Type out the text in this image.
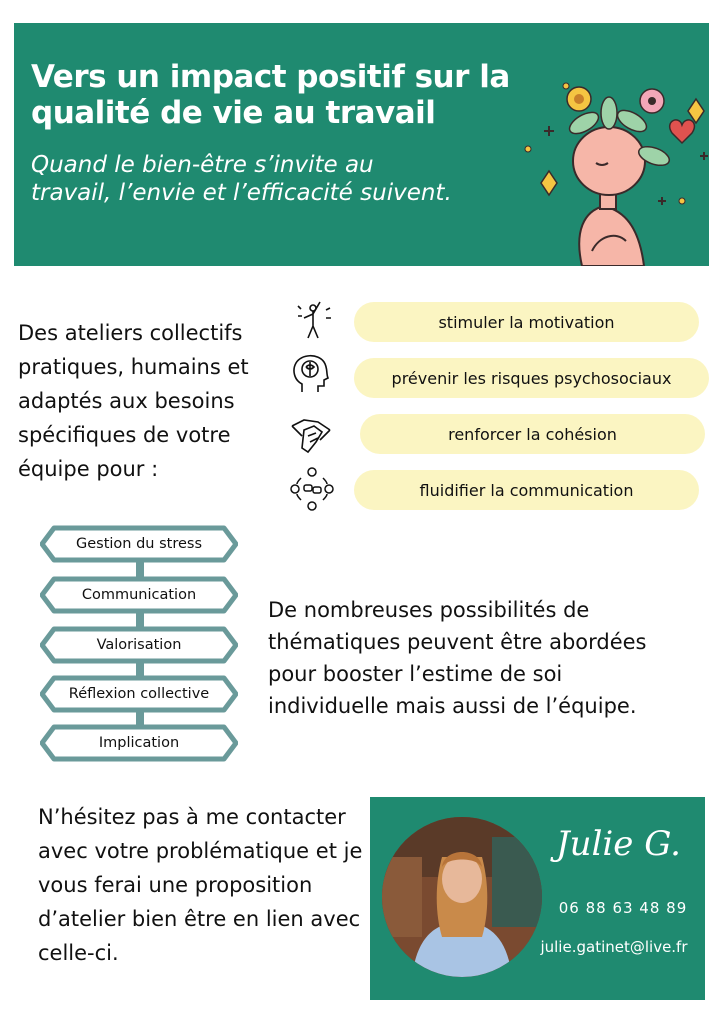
Vers un impact positif sur la qualité de vie au travail

Quand le bien-être s’invite au travail, l’envie et l’efficacité suivent.

Des ateliers collectifs pratiques, humains et adaptés aux besoins spécifiques de votre équipe pour :
stimuler la motivation
prévenir les risques psychosociaux
renforcer la cohésion
fluidifier la communication
Gestion du stress
Communication
Valorisation
Réflexion collective
Implication
De nombreuses possibilités de thématiques peuvent être abordées pour booster l’estime de soi individuelle mais aussi de l’équipe.
N’hésitez pas à me contacter avec votre problématique et je vous ferai une proposition d’atelier bien être en lien avec celle-ci.
Julie G.
06 88 63 48 89
julie.gatinet@live.fr
